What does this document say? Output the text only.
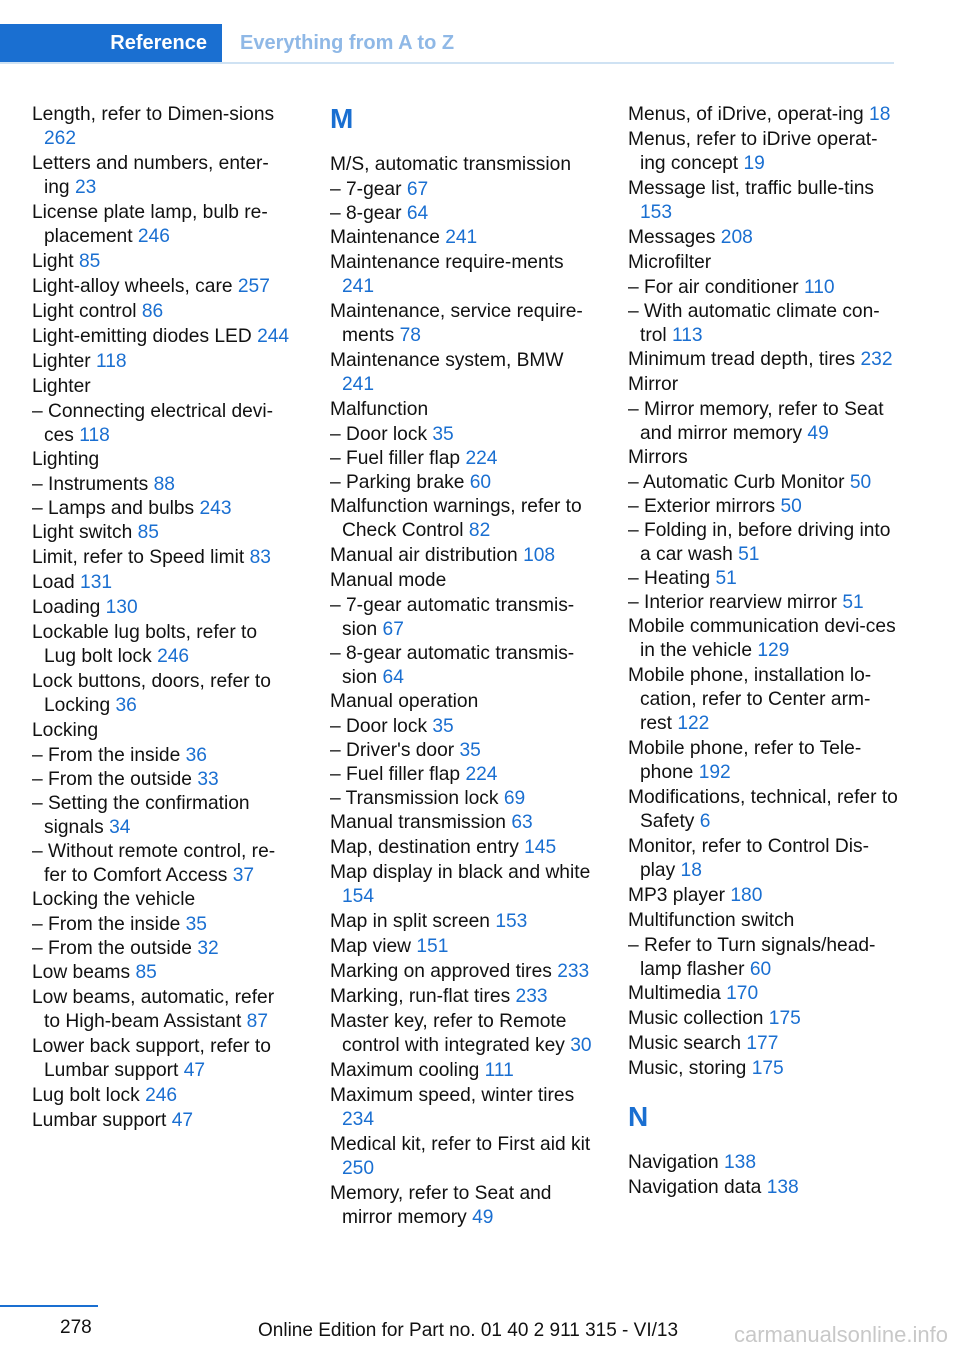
Reference	Everything from A to Z
Length, refer to Dimen‐sions 262
Letters and numbers, enter‐ing 23
License plate lamp, bulb re‐placement 246
Light 85
Light-alloy wheels, care 257
Light control 86
Light-emitting diodes LED 244
Lighter 118
Lighter
– Connecting electrical devi‐ces 118
Lighting
– Instruments 88
– Lamps and bulbs 243
Light switch 85
Limit, refer to Speed limit 83
Load 131
Loading 130
Lockable lug bolts, refer to Lug bolt lock 246
Lock buttons, doors, refer to Locking 36
Locking
– From the inside 36
– From the outside 33
– Setting the confirmation signals 34
– Without remote control, re‐fer to Comfort Access 37
Locking the vehicle
– From the inside 35
– From the outside 32
Low beams 85
Low beams, automatic, refer to High-beam Assistant 87
Lower back support, refer to Lumbar support 47
Lug bolt lock 246
Lumbar support 47
M
M/S, automatic transmission
– 7-gear 67
– 8-gear 64
Maintenance 241
Maintenance require‐ments 241
Maintenance, service require‐ments 78
Maintenance system, BMW 241
Malfunction
– Door lock 35
– Fuel filler flap 224
– Parking brake 60
Malfunction warnings, refer to Check Control 82
Manual air distribution 108
Manual mode
– 7-gear automatic transmis‐sion 67
– 8-gear automatic transmis‐sion 64
Manual operation
– Door lock 35
– Driver's door 35
– Fuel filler flap 224
– Transmission lock 69
Manual transmission 63
Map, destination entry 145
Map display in black and white 154
Map in split screen 153
Map view 151
Marking on approved tires 233
Marking, run-flat tires 233
Master key, refer to Remote control with integrated key 30
Maximum cooling 111
Maximum speed, winter tires 234
Medical kit, refer to First aid kit 250
Memory, refer to Seat and mirror memory 49
Menus, of iDrive, operat‐ing 18
Menus, refer to iDrive operat‐ing concept 19
Message list, traffic bulle‐tins 153
Messages 208
Microfilter
– For air conditioner 110
– With automatic climate con‐trol 113
Minimum tread depth, tires 232
Mirror
– Mirror memory, refer to Seat and mirror memory 49
Mirrors
– Automatic Curb Monitor 50
– Exterior mirrors 50
– Folding in, before driving into a car wash 51
– Heating 51
– Interior rearview mirror 51
Mobile communication devi‐ces in the vehicle 129
Mobile phone, installation lo‐cation, refer to Center arm‐rest 122
Mobile phone, refer to Tele‐phone 192
Modifications, technical, refer to Safety 6
Monitor, refer to Control Dis‐play 18
MP3 player 180
Multifunction switch
– Refer to Turn signals/head‐lamp flasher 60
Multimedia 170
Music collection 175
Music search 177
Music, storing 175
N
Navigation 138
Navigation data 138
278	Online Edition for Part no. 01 40 2 911 315 - VI/13	carmanualsonline.info
